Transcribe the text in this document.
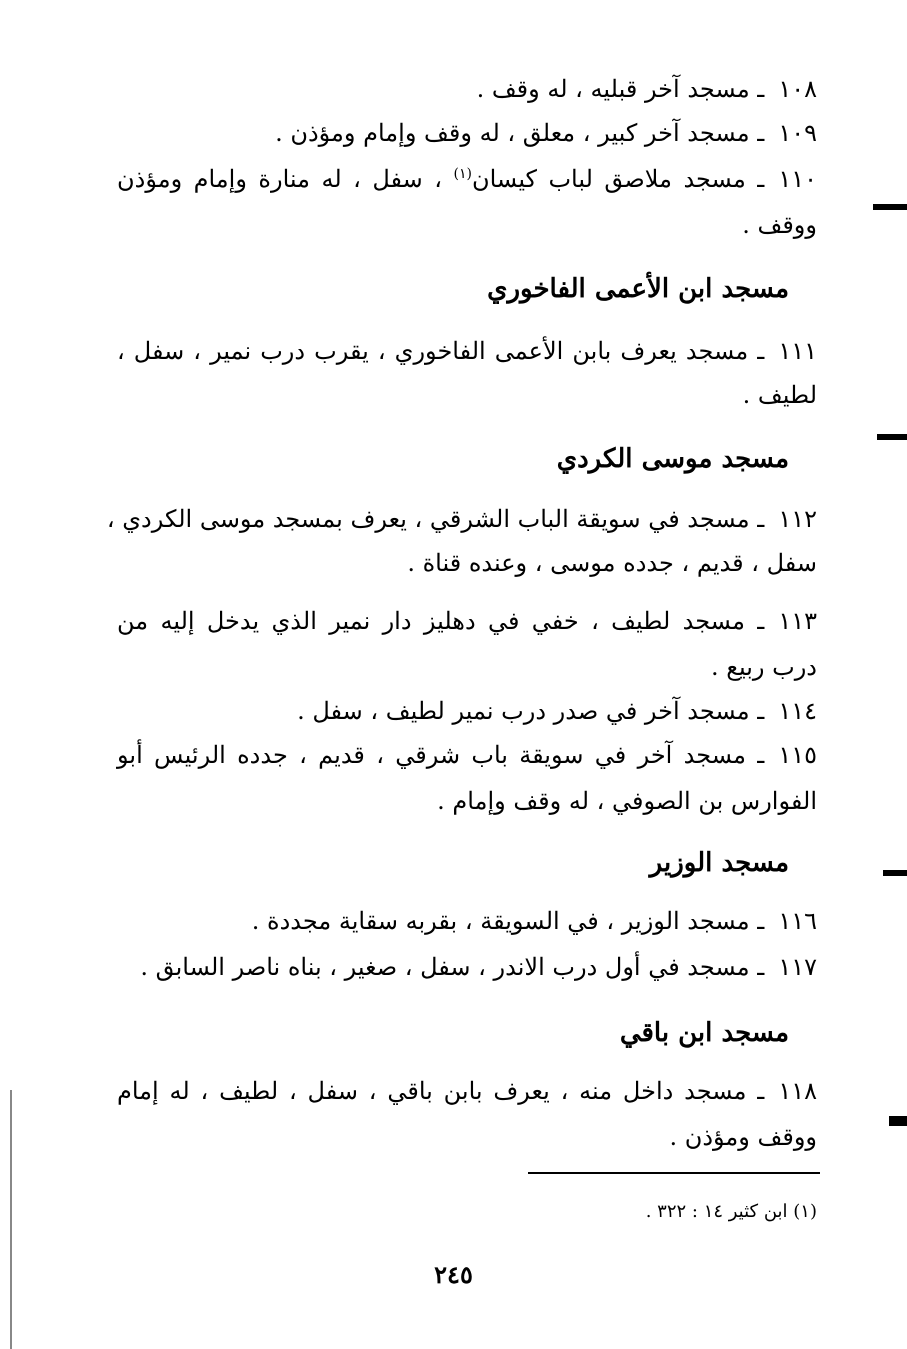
١٠٨ـ مسجد آخر قبليه ، له وقف .
١٠٩ـ مسجد آخر كبير ، معلق ، له وقف وإمام ومؤذن .
١١٠ـ مسجد ملاصق لباب كيسان$^{(١)}$ ، سفل ، له منارة وإمام ومؤذن
ووقف .
مسجد ابن الأعمى الفاخوري
١١١ـ مسجد يعرف بابن الأعمى الفاخوري ، يقرب درب نمير ، سفل ،
لطيف .
مسجد موسى الكردي
١١٢ـ مسجد في سويقة الباب الشرقي ، يعرف بمسجد موسى الكردي ،
سفل ، قديم ، جدده موسى ، وعنده قناة .
١١٣ـ مسجد لطيف ، خفي في دهليز دار نمير الذي يدخل إليه من
درب ربيع .
١١٤ـ مسجد آخر في صدر درب نمير لطيف ، سفل .
١١٥ـ مسجد آخر في سويقة باب شرقي ، قديم ، جدده الرئيس أبو
الفوارس بن الصوفي ، له وقف وإمام .
مسجد الوزير
١١٦ـ مسجد الوزير ، في السويقة ، بقربه سقاية مجددة .
١١٧ـ مسجد في أول درب الاندر ، سفل ، صغير ، بناه ناصر السابق .
مسجد ابن باقي
١١٨ـ مسجد داخل منه ، يعرف بابن باقي ، سفل ، لطيف ، له إمام
ووقف ومؤذن .
(١) ابن كثير ١٤ : ٣٢٢ .
٢٤٥
